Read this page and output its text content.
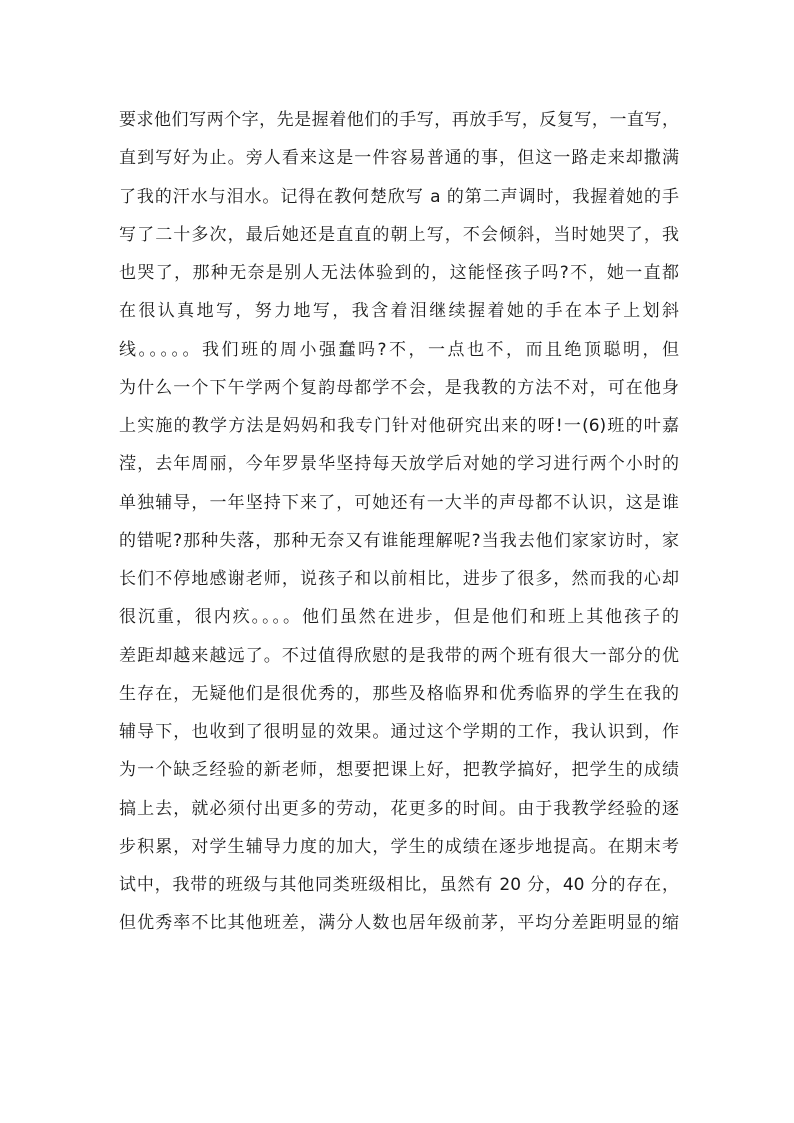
要求他们写两个字，先是握着他们的手写，再放手写，反复写，一直写，
直到写好为止。旁人看来这是一件容易普通的事，但这一路走来却撒满
了我的汗水与泪水。记得在教何楚欣写 a 的第二声调时，我握着她的手
写了二十多次，最后她还是直直的朝上写，不会倾斜，当时她哭了，我
也哭了，那种无奈是别人无法体验到的，这能怪孩子吗?不，她一直都
在很认真地写，努力地写，我含着泪继续握着她的手在本子上划斜
线。。。。。我们班的周小强蠢吗?不，一点也不，而且绝顶聪明，但
为什么一个下午学两个复韵母都学不会，是我教的方法不对，可在他身
上实施的教学方法是妈妈和我专门针对他研究出来的呀!一(6)班的叶嘉
滢，去年周丽，今年罗景华坚持每天放学后对她的学习进行两个小时的
单独辅导，一年坚持下来了，可她还有一大半的声母都不认识，这是谁
的错呢?那种失落，那种无奈又有谁能理解呢?当我去他们家家访时，家
长们不停地感谢老师，说孩子和以前相比，进步了很多，然而我的心却
很沉重，很内疚。。。。他们虽然在进步，但是他们和班上其他孩子的
差距却越来越远了。不过值得欣慰的是我带的两个班有很大一部分的优
生存在，无疑他们是很优秀的，那些及格临界和优秀临界的学生在我的
辅导下，也收到了很明显的效果。通过这个学期的工作，我认识到，作
为一个缺乏经验的新老师，想要把课上好，把教学搞好，把学生的成绩
搞上去，就必须付出更多的劳动，花更多的时间。由于我教学经验的逐
步积累，对学生辅导力度的加大，学生的成绩在逐步地提高。在期末考
试中，我带的班级与其他同类班级相比，虽然有 20 分，40 分的存在，
但优秀率不比其他班差，满分人数也居年级前茅，平均分差距明显的缩
